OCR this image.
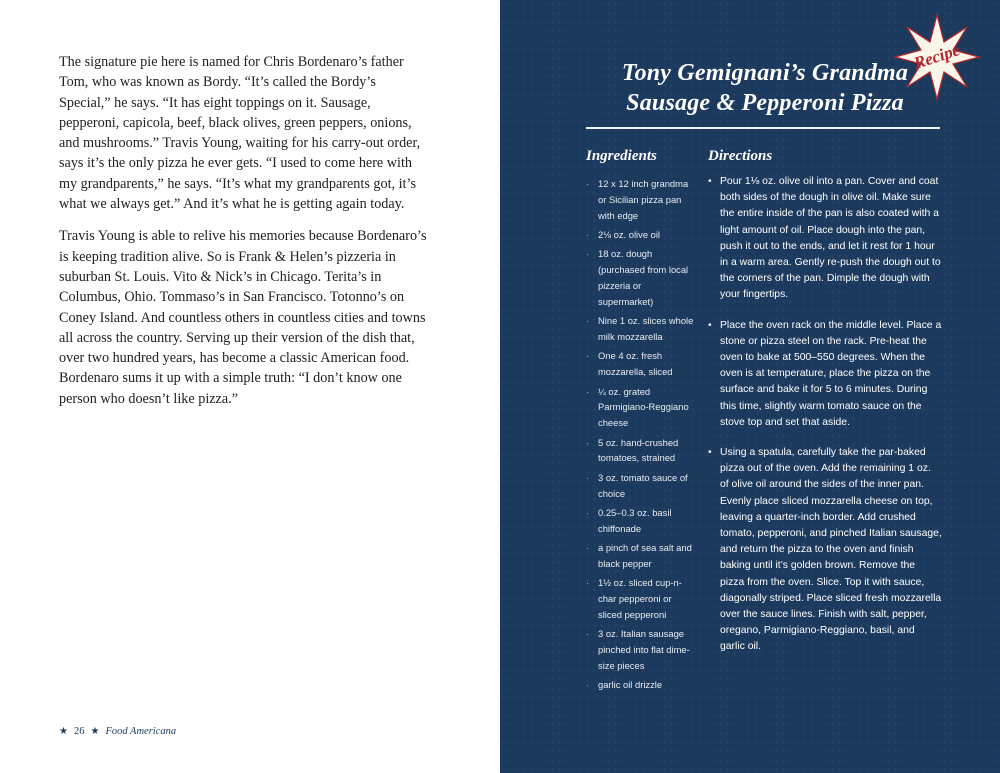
The signature pie here is named for Chris Bordenaro’s father Tom, who was known as Bordy. “It’s called the Bordy’s Special,” he says. “It has eight toppings on it. Sausage, pepperoni, capicola, beef, black olives, green peppers, onions, and mushrooms.” Travis Young, waiting for his carry-out order, says it’s the only pizza he ever gets. “I used to come here with my grandparents,” he says. “It’s what my grandparents got, it’s what we always get.” And it’s what he is getting again today.

Travis Young is able to relive his memories because Bordenaro’s is keeping tradition alive. So is Frank & Helen’s pizzeria in suburban St. Louis. Vito & Nick’s in Chicago. Terita’s in Columbus, Ohio. Tommaso’s in San Francisco. Totonno’s on Coney Island. And countless others in countless cities and towns all across the country. Serving up their version of the dish that, over two hundred years, has become a classic American food. Bordenaro sums it up with a simple truth: “I don’t know one person who doesn’t like pizza.”

★ 26 ★ Food Americana
Tony Gemignani’s Grandma
Sausage & Pepperoni Pizza
Recipe
Ingredients	Directions
· 12 x 12 inch grandma or Sicilian pizza pan with edge
· 2⅛ oz. olive oil
· 18 oz. dough (purchased from local pizzeria or supermarket)
· Nine 1 oz. slices whole milk mozzarella
· One 4 oz. fresh mozzarella, sliced
· ¼ oz. grated Parmigiano-Reggiano cheese
· 5 oz. hand-crushed tomatoes, strained
· 3 oz. tomato sauce of choice
· 0.25–0.3 oz. basil chiffonade
· a pinch of sea salt and black pepper
· 1½ oz. sliced cup-n-char pepperoni or sliced pepperoni
· 3 oz. Italian sausage pinched into flat dime-size pieces
· garlic oil drizzle
• Pour 1⅛ oz. olive oil into a pan. Cover and coat both sides of the dough in olive oil. Make sure the entire inside of the pan is also coated with a light amount of oil. Place dough into the pan, push it out to the ends, and let it rest for 1 hour in a warm area. Gently re-push the dough out to the corners of the pan. Dimple the dough with your fingertips.
• Place the oven rack on the middle level. Place a stone or pizza steel on the rack. Pre-heat the oven to bake at 500–550 degrees. When the oven is at temperature, place the pizza on the surface and bake it for 5 to 6 minutes. During this time, slightly warm tomato sauce on the stove top and set that aside.
• Using a spatula, carefully take the par-baked pizza out of the oven. Add the remaining 1 oz. of olive oil around the sides of the inner pan. Evenly place sliced mozzarella cheese on top, leaving a quarter-inch border. Add crushed tomato, pepperoni, and pinched Italian sausage, and return the pizza to the oven and finish baking until it’s golden brown. Remove the pizza from the oven. Slice. Top it with sauce, diagonally striped. Place sliced fresh mozzarella over the sauce lines. Finish with salt, pepper, oregano, Parmigiano-Reggiano, basil, and garlic oil.
